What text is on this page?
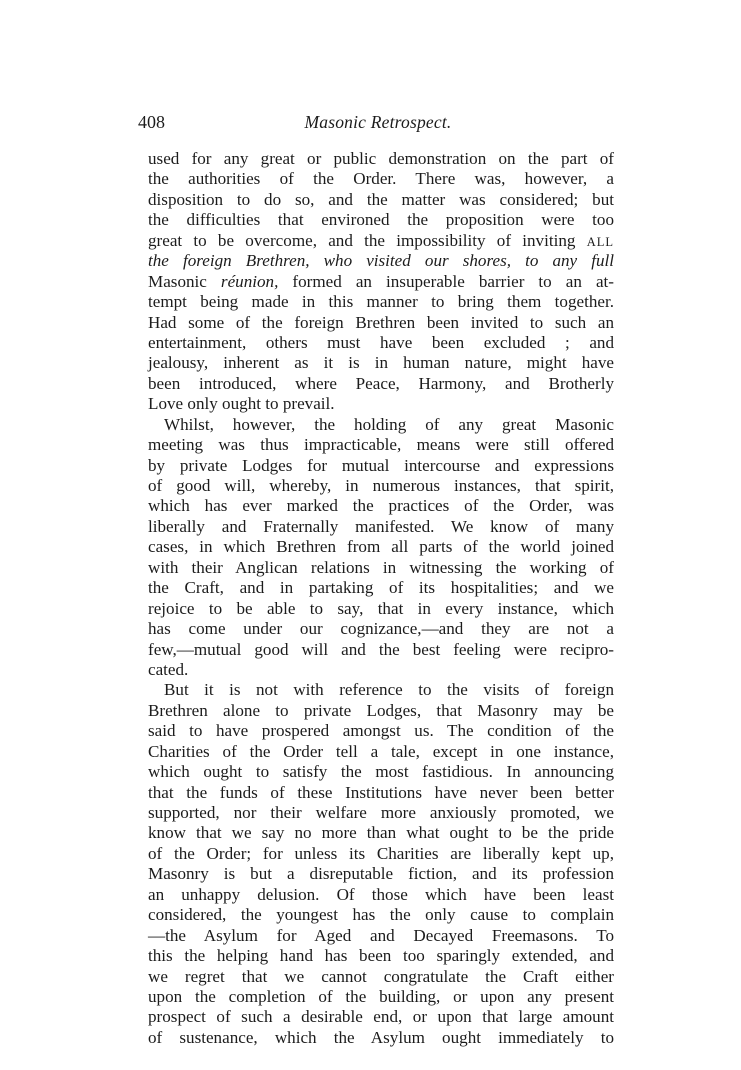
408	Masonic Retrospect.
used for any great or public demonstration on the part of
the authorities of the Order. There was, however, a
disposition to do so, and the matter was considered; but
the difficulties that environed the proposition were too
great to be overcome, and the impossibility of inviting ALL
the foreign Brethren, who visited our shores, to any full
Masonic réunion, formed an insuperable barrier to an at-
tempt being made in this manner to bring them together.
Had some of the foreign Brethren been invited to such an
entertainment, others must have been excluded ; and
jealousy, inherent as it is in human nature, might have
been introduced, where Peace, Harmony, and Brotherly
Love only ought to prevail.
Whilst, however, the holding of any great Masonic
meeting was thus impracticable, means were still offered
by private Lodges for mutual intercourse and expressions
of good will, whereby, in numerous instances, that spirit,
which has ever marked the practices of the Order, was
liberally and Fraternally manifested. We know of many
cases, in which Brethren from all parts of the world joined
with their Anglican relations in witnessing the working of
the Craft, and in partaking of its hospitalities; and we
rejoice to be able to say, that in every instance, which
has come under our cognizance,—and they are not a
few,—mutual good will and the best feeling were recipro-
cated.
But it is not with reference to the visits of foreign
Brethren alone to private Lodges, that Masonry may be
said to have prospered amongst us. The condition of the
Charities of the Order tell a tale, except in one instance,
which ought to satisfy the most fastidious. In announcing
that the funds of these Institutions have never been better
supported, nor their welfare more anxiously promoted, we
know that we say no more than what ought to be the pride
of the Order; for unless its Charities are liberally kept up,
Masonry is but a disreputable fiction, and its profession
an unhappy delusion. Of those which have been least
considered, the youngest has the only cause to complain
—the Asylum for Aged and Decayed Freemasons. To
this the helping hand has been too sparingly extended, and
we regret that we cannot congratulate the Craft either
upon the completion of the building, or upon any present
prospect of such a desirable end, or upon that large amount
of sustenance, which the Asylum ought immediately to
